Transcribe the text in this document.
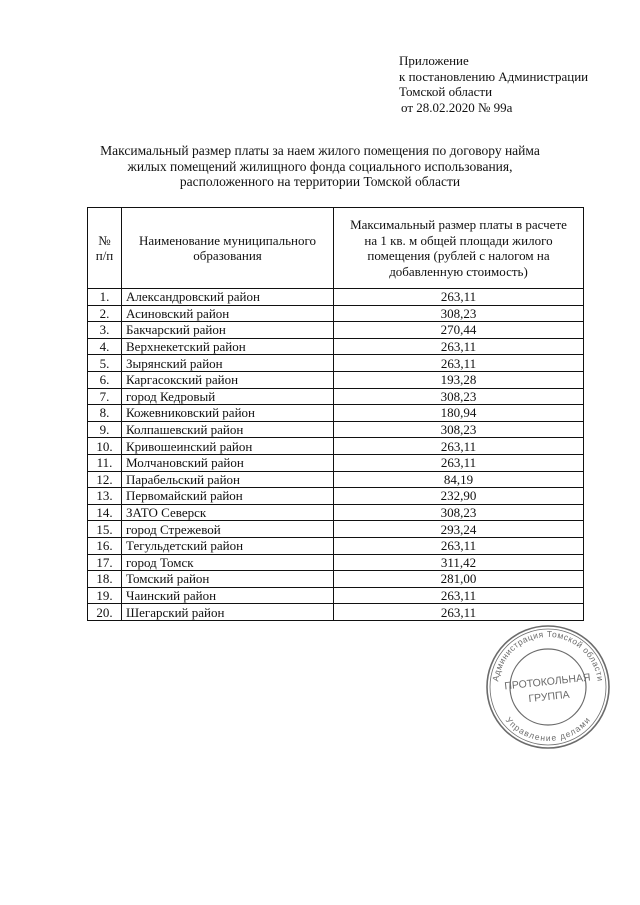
Приложение
к постановлению Администрации
Томской области
от 28.02.2020 № 99а
Максимальный размер платы за наем жилого помещения по договору найма
жилых помещений жилищного фонда социального использования,
расположенного на территории Томской области
№
п/п	Наименование муниципального образования	Максимальный размер платы в расчете на 1 кв. м общей площади жилого помещения (рублей с налогом на добавленную стоимость)
1.	Александровский район	263,11
2.	Асиновский район	308,23
3.	Бакчарский район	270,44
4.	Верхнекетский район	263,11
5.	Зырянский район	263,11
6.	Каргасокский район	193,28
7.	город Кедровый	308,23
8.	Кожевниковский район	180,94
9.	Колпашевский район	308,23
10.	Кривошеинский район	263,11
11.	Молчановский район	263,11
12.	Парабельский район	84,19
13.	Первомайский район	232,90
14.	ЗАТО Северск	308,23
15.	город Стрежевой	293,24
16.	Тегульдетский район	263,11
17.	город Томск	311,42
18.	Томский район	281,00
19.	Чаинский район	263,11
20.	Шегарский район	263,11
Администрация Томской области
Управление делами
ПРОТОКОЛЬНАЯ
ГРУППА
